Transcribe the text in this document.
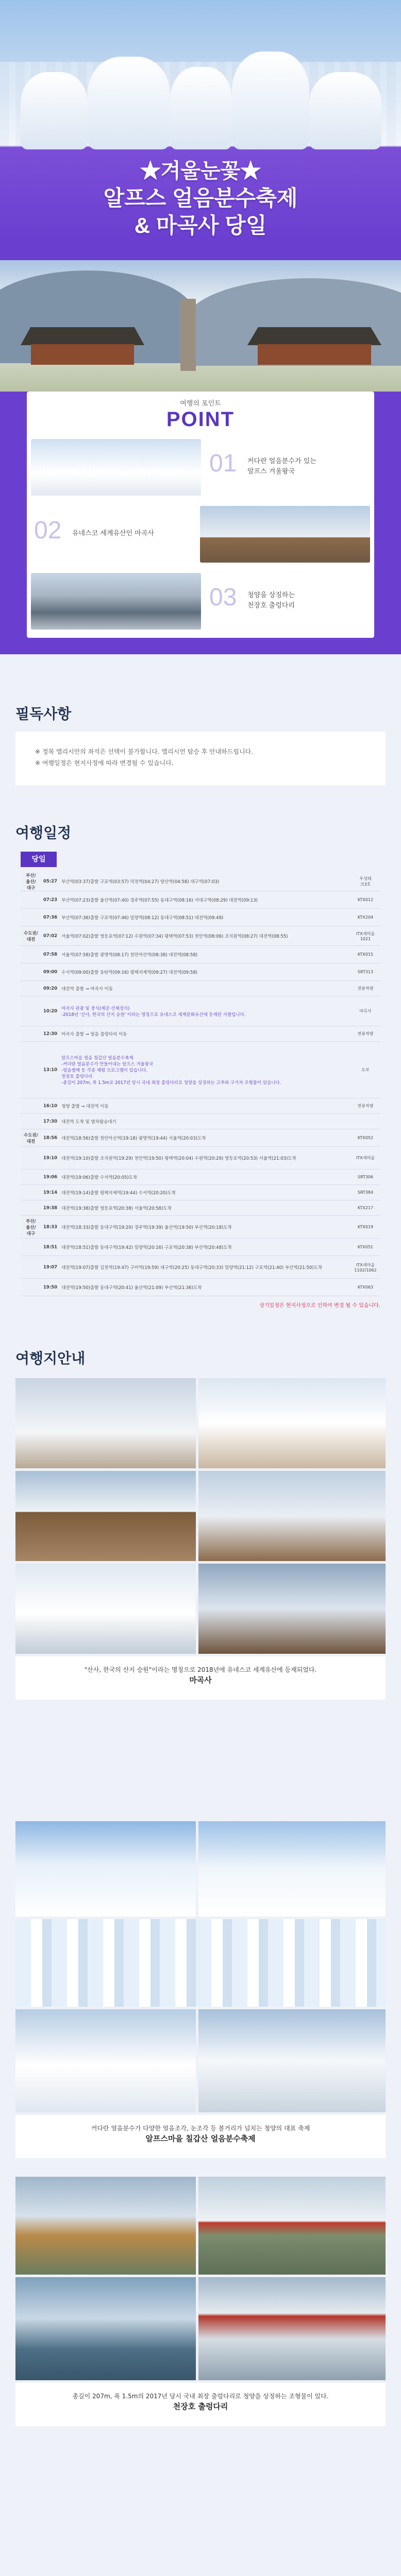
★겨울눈꽃★
알프스 얼음분수축제
& 마곡사 당일
여행의 포인트
POINT
01 커다란 얼음분수가 있는
알프스 겨울왕국
02 유네스코 세계유산인 마곡사
03 청양을 상징하는
천장호 출렁다리
필독사항
※ 정복 엘리시안의 좌석은 선택이 불가합니다. 엘리시언 탑승 후 안내하드립니다.
※ 여행일정은 현지사정에 따라 변경될 수 있습니다.
여행일정
당일
부산/
울산/
대구	05:27	부산역(03:37)출발 구포역(03:57) 덕천역(04:27) 양산역(04:58) 대구역(07:03)	우성테
크3호
	07:23	부산역(07:23)출발 울산역(07:40) 경주역(07:55) 동대구역(08:16) 서대구역(08:29) 대전역(09:13)	KTX012
	07:36	부산역(07:36)출발 구포역(07:46) 밀양역(08:12) 동대구역(08:51) 대전역(09:49)	KTX204
수도권/
대전	07:02	서울역(07:02)출발 영등포역(07:12) 수원역(07:34) 평택역(07:53) 천안역(08:06) 조치원역(08:27) 대전역(08:55)	ITX새마을
1021
	07:58	서울역(07:58)출발 광명역(08:17) 천안아산역(08:38) 대전역(08:58)	KTX015
	09:00	수서역(09:00)출발 동탄역(09:16) 평택지제역(09:27) 대전역(09:58)	SRT313
	09:20	대전역 출발 → 마곡사 이동	전용차량
	10:20	마곡사 관광 및 중식(제공·산채정식)
-2018년 '산사, 한국의 산지 승원' 이라는 명칭으로 유네스코 세계문화유산에 등재된 사찰입니다.	마곡사
	12:30	마곡사 출발 → 얼음 출렁다리 이동	전용차량
	13:10	알프스마을 얼음 칠갑산 얼음분수축제
-커다란 얼음분수가 만들어내는 알프스 겨울왕국
-얼음썰매 등 각종 체험 프로그램이 있습니다.
천장호 출렁다리
-총길이 207m, 폭 1.5m로 2017년 당시 국내 최장 출렁다리로 청양을 상징하는 고추와 구기자 조형물이 있습니다.	도보
	16:10	청양 출발 → 대전역 이동	전용차량
	17:30	대전역 도착 및 열차탑승대기	
수도권/
대전	18:56	대전역(18:56)출발 천안아산역(19:18) 광명역(19:44) 서울역(20:03)도착	KTX052
	19:10	대전역(19:10)출발 조치원역(19:29) 천안역(19:50) 평택역(20:04) 수원역(20:29) 영등포역(20:53) 서울역(21:03)도착	ITX새마을
	19:06	대전역(19:06)출발 수서역(20:05)도착	SRT306
	19:14	대전역(19:14)출발 평택지제역(19:44) 수서역(20:20)도착	SRT384
	19:38	대전역(19:38)출발 영등포역(20:38) 서울역(20:58)도착	KTX217
부산/
울산/
대구	18:33	대전역(18:33)출발 동대구역(19:20) 경주역(19:39) 울산역(19:50) 부산역(20:18)도착	KTX019
	18:51	대전역(18:51)출발 동대구역(19:42) 밀양역(20:16) 구포역(20:38) 부산역(20:48)도착	KTX051
	19:07	대전역(19:07)출발 김천역(19:47) 구미역(19:59) 대구역(20:25) 동대구역(20:33) 밀양역(21:12) 구포역(21:40) 부산역(21:50)도착	ITX새마을
1102/1062
	19:50	대전역(19:50)출발 동대구역(20:41) 울산역(21:09) 부산역(21:36)도착	KTX063
상기일정은 현지사정으로 인하여 변경 될 수 있습니다.
여행지안내
"산사, 한국의 산지 승원"이라는 명칭으로 2018년에 유네스코 세계유산에 등재되었다.
마곡사
커다란 얼음분수가 다양한 얼음조각, 눈조각 등 볼거리가 넘치는 청양의 대표 축제
알프스마을 칠갑산 얼음분수축제
총길이 207m, 폭 1.5m의 2017년 당시 국내 최장 출렁다리로 청양을 상징하는 조형물이 있다.
천장호 출렁다리
